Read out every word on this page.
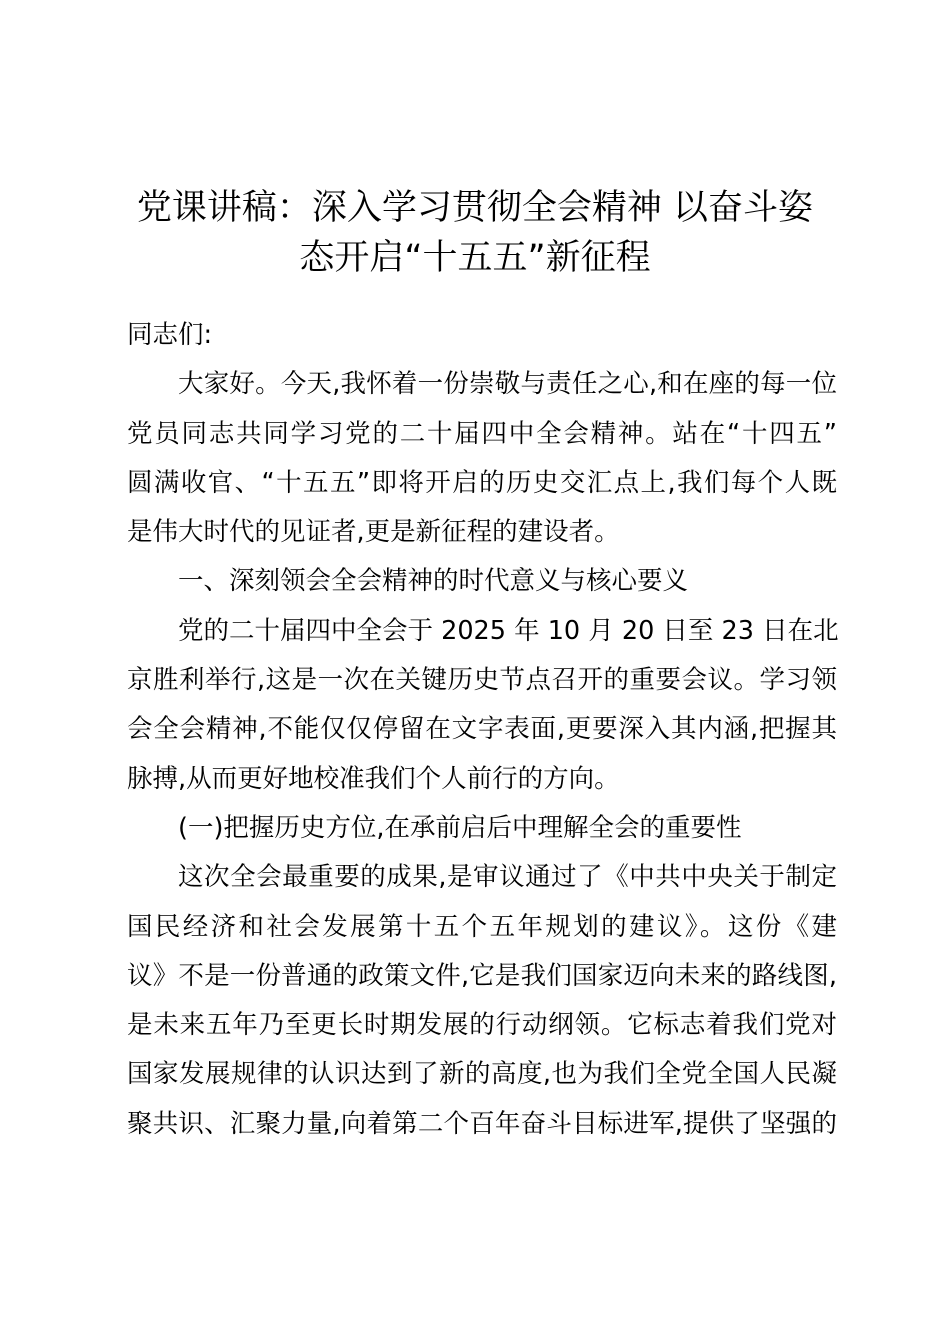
党课讲稿：深入学习贯彻全会精神 以奋斗姿
态开启“十五五”新征程
同志们:
大家好。今天,我怀着一份崇敬与责任之心,和在座的每一位
党员同志共同学习党的二十届四中全会精神。站在“十四五”
圆满收官、“十五五”即将开启的历史交汇点上,我们每个人既
是伟大时代的见证者,更是新征程的建设者。
一、深刻领会全会精神的时代意义与核心要义
党的二十届四中全会于 2025 年 10 月 20 日至 23 日在北
京胜利举行,这是一次在关键历史节点召开的重要会议。学习领
会全会精神,不能仅仅停留在文字表面,更要深入其内涵,把握其
脉搏,从而更好地校准我们个人前行的方向。
(一)把握历史方位,在承前启后中理解全会的重要性
这次全会最重要的成果,是审议通过了《中共中央关于制定
国民经济和社会发展第十五个五年规划的建议》。这份《建
议》不是一份普通的政策文件,它是我们国家迈向未来的路线图,
是未来五年乃至更长时期发展的行动纲领。它标志着我们党对
国家发展规律的认识达到了新的高度,也为我们全党全国人民凝
聚共识、汇聚力量,向着第二个百年奋斗目标进军,提供了坚强的
